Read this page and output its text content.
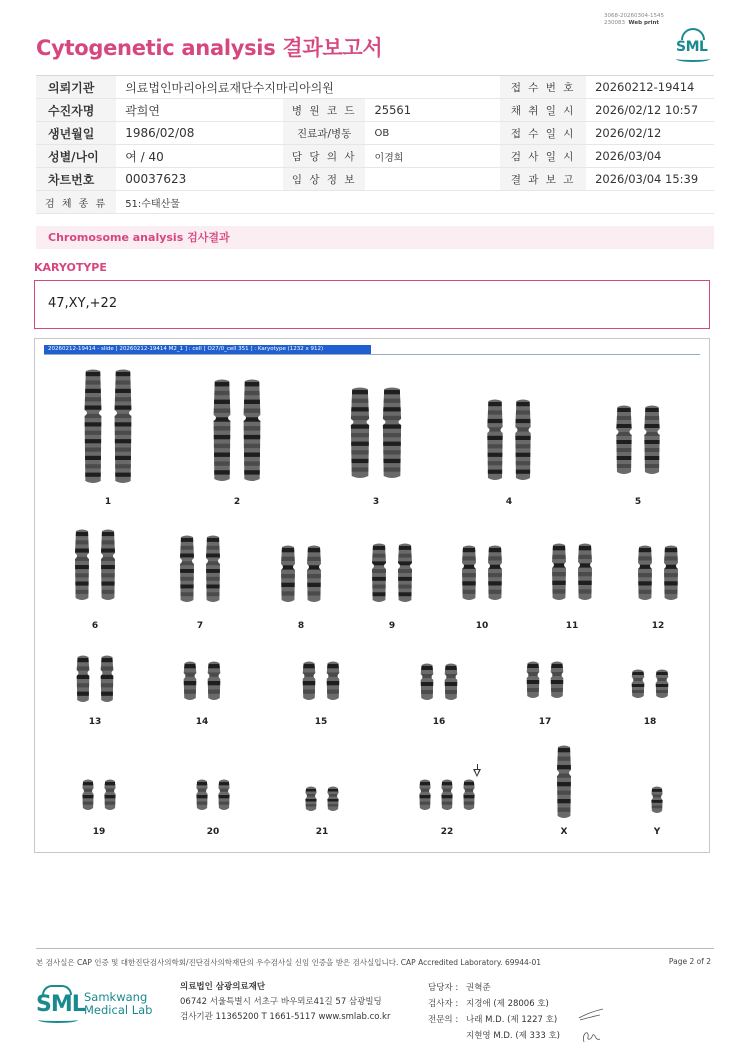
3068-20260304-1545
230083 Web print
Cytogenetic analysis 결과보고서	SML
의뢰기관	의료법인마리아의료재단수지마리아의원			접 수 번 호	20260212-19414
수진자명	곽희연	병 원 코 드	25561	채 취 일 시	2026/02/12 10:57
생년월일	1986/02/08	진료과/병동	OB	접 수 일 시	2026/02/12
성별/나이	여 / 40	담 당 의 사	이경희	검 사 일 시	2026/03/04
차트번호	00037623	임 상 정 보		결 과 보 고	2026/03/04 15:39
검 체 종 류	51:수태산물				
Chromosome analysis 검사결과
KARYOTYPE
47,XY,+22
20260212-19414 - slide [ 20260212-19414 M2_1 ] : cell [ O27/0_cell 351 ] : Karyotype (1232 x 912)
1	2	3	4	5
6	7	8	9	10	11	12
13	14	15	16	17	18
19	20	21	22	X	Y
본 검사실은 CAP 인증 및 대한진단검사의학회/진단검사의학재단의 우수검사실 신임 인증을 받은 검사실입니다. CAP Accredited Laboratory. 69944-01	Page 2 of 2
SML Samkwang
Medical Lab
의료법인 삼광의료재단
06742 서울특별시 서초구 바우뫼로41길 57 삼광빌딩
검사기관 11365200 T 1661-5117 www.smlab.co.kr
담당자 : 권혁준
검사자 : 지경애 (제 28006 호)
전문의 : 나래 M.D. (제 1227 호)
지현영 M.D. (제 333 호)
